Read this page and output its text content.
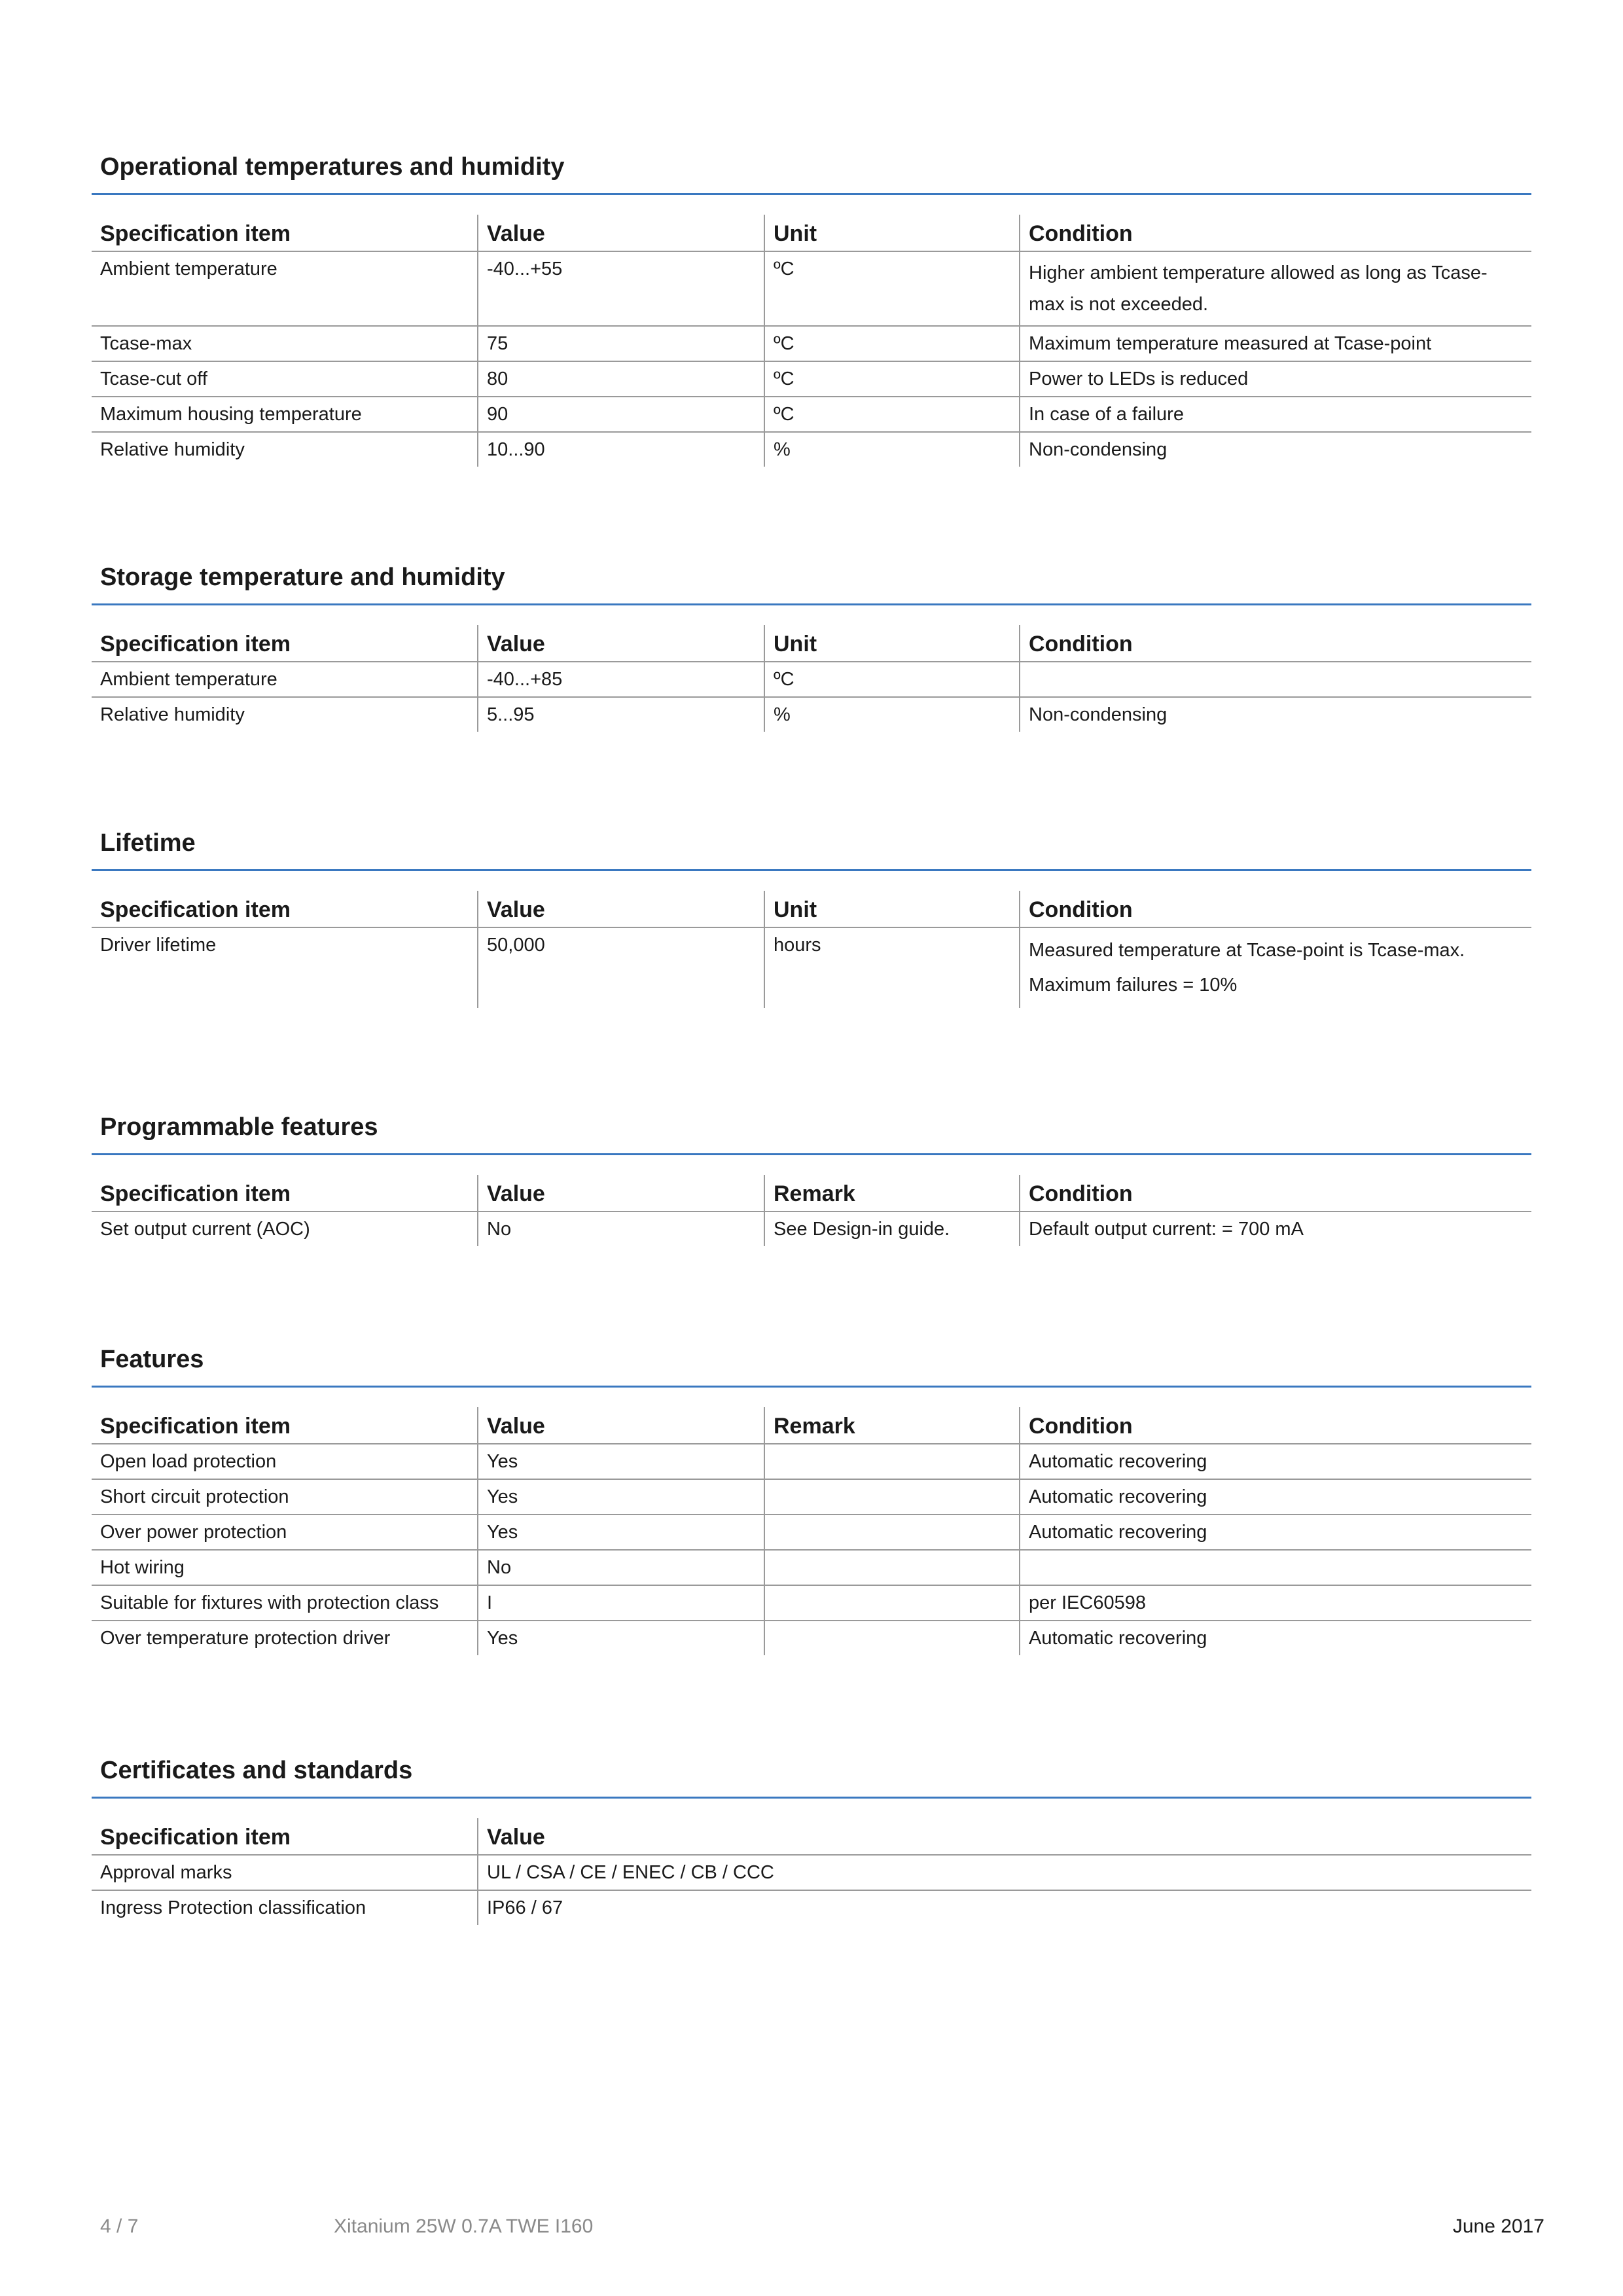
Operational temperatures and humidity
Specification item	Value	Unit	Condition
Ambient temperature	-40...+55	ºC	Higher ambient temperature allowed as long as Tcase-max is not exceeded.
Tcase-max	75	ºC	Maximum temperature measured at Tcase-point
Tcase-cut off	80	ºC	Power to LEDs is reduced
Maximum housing temperature	90	ºC	In case of a failure
Relative humidity	10...90	%	Non-condensing
Storage temperature and humidity
Specification item	Value	Unit	Condition
Ambient temperature	-40...+85	ºC	
Relative humidity	5...95	%	Non-condensing
Lifetime
Specification item	Value	Unit	Condition
Driver lifetime	50,000	hours	Measured temperature at Tcase-point is Tcase-max. Maximum failures = 10%
Programmable features
Specification item	Value	Remark	Condition
Set output current (AOC)	No	See Design-in guide.	Default output current: = 700 mA
Features
Specification item	Value	Remark	Condition
Open load protection	Yes		Automatic recovering
Short circuit protection	Yes		Automatic recovering
Over power protection	Yes		Automatic recovering
Hot wiring	No		
Suitable for fixtures with protection class	I		per IEC60598
Over temperature protection driver	Yes		Automatic recovering
Certificates and standards
Specification item	Value
Approval marks	UL / CSA / CE / ENEC / CB / CCC
Ingress Protection classification	IP66 / 67
4 / 7	Xitanium 25W 0.7A TWE I160	June 2017
